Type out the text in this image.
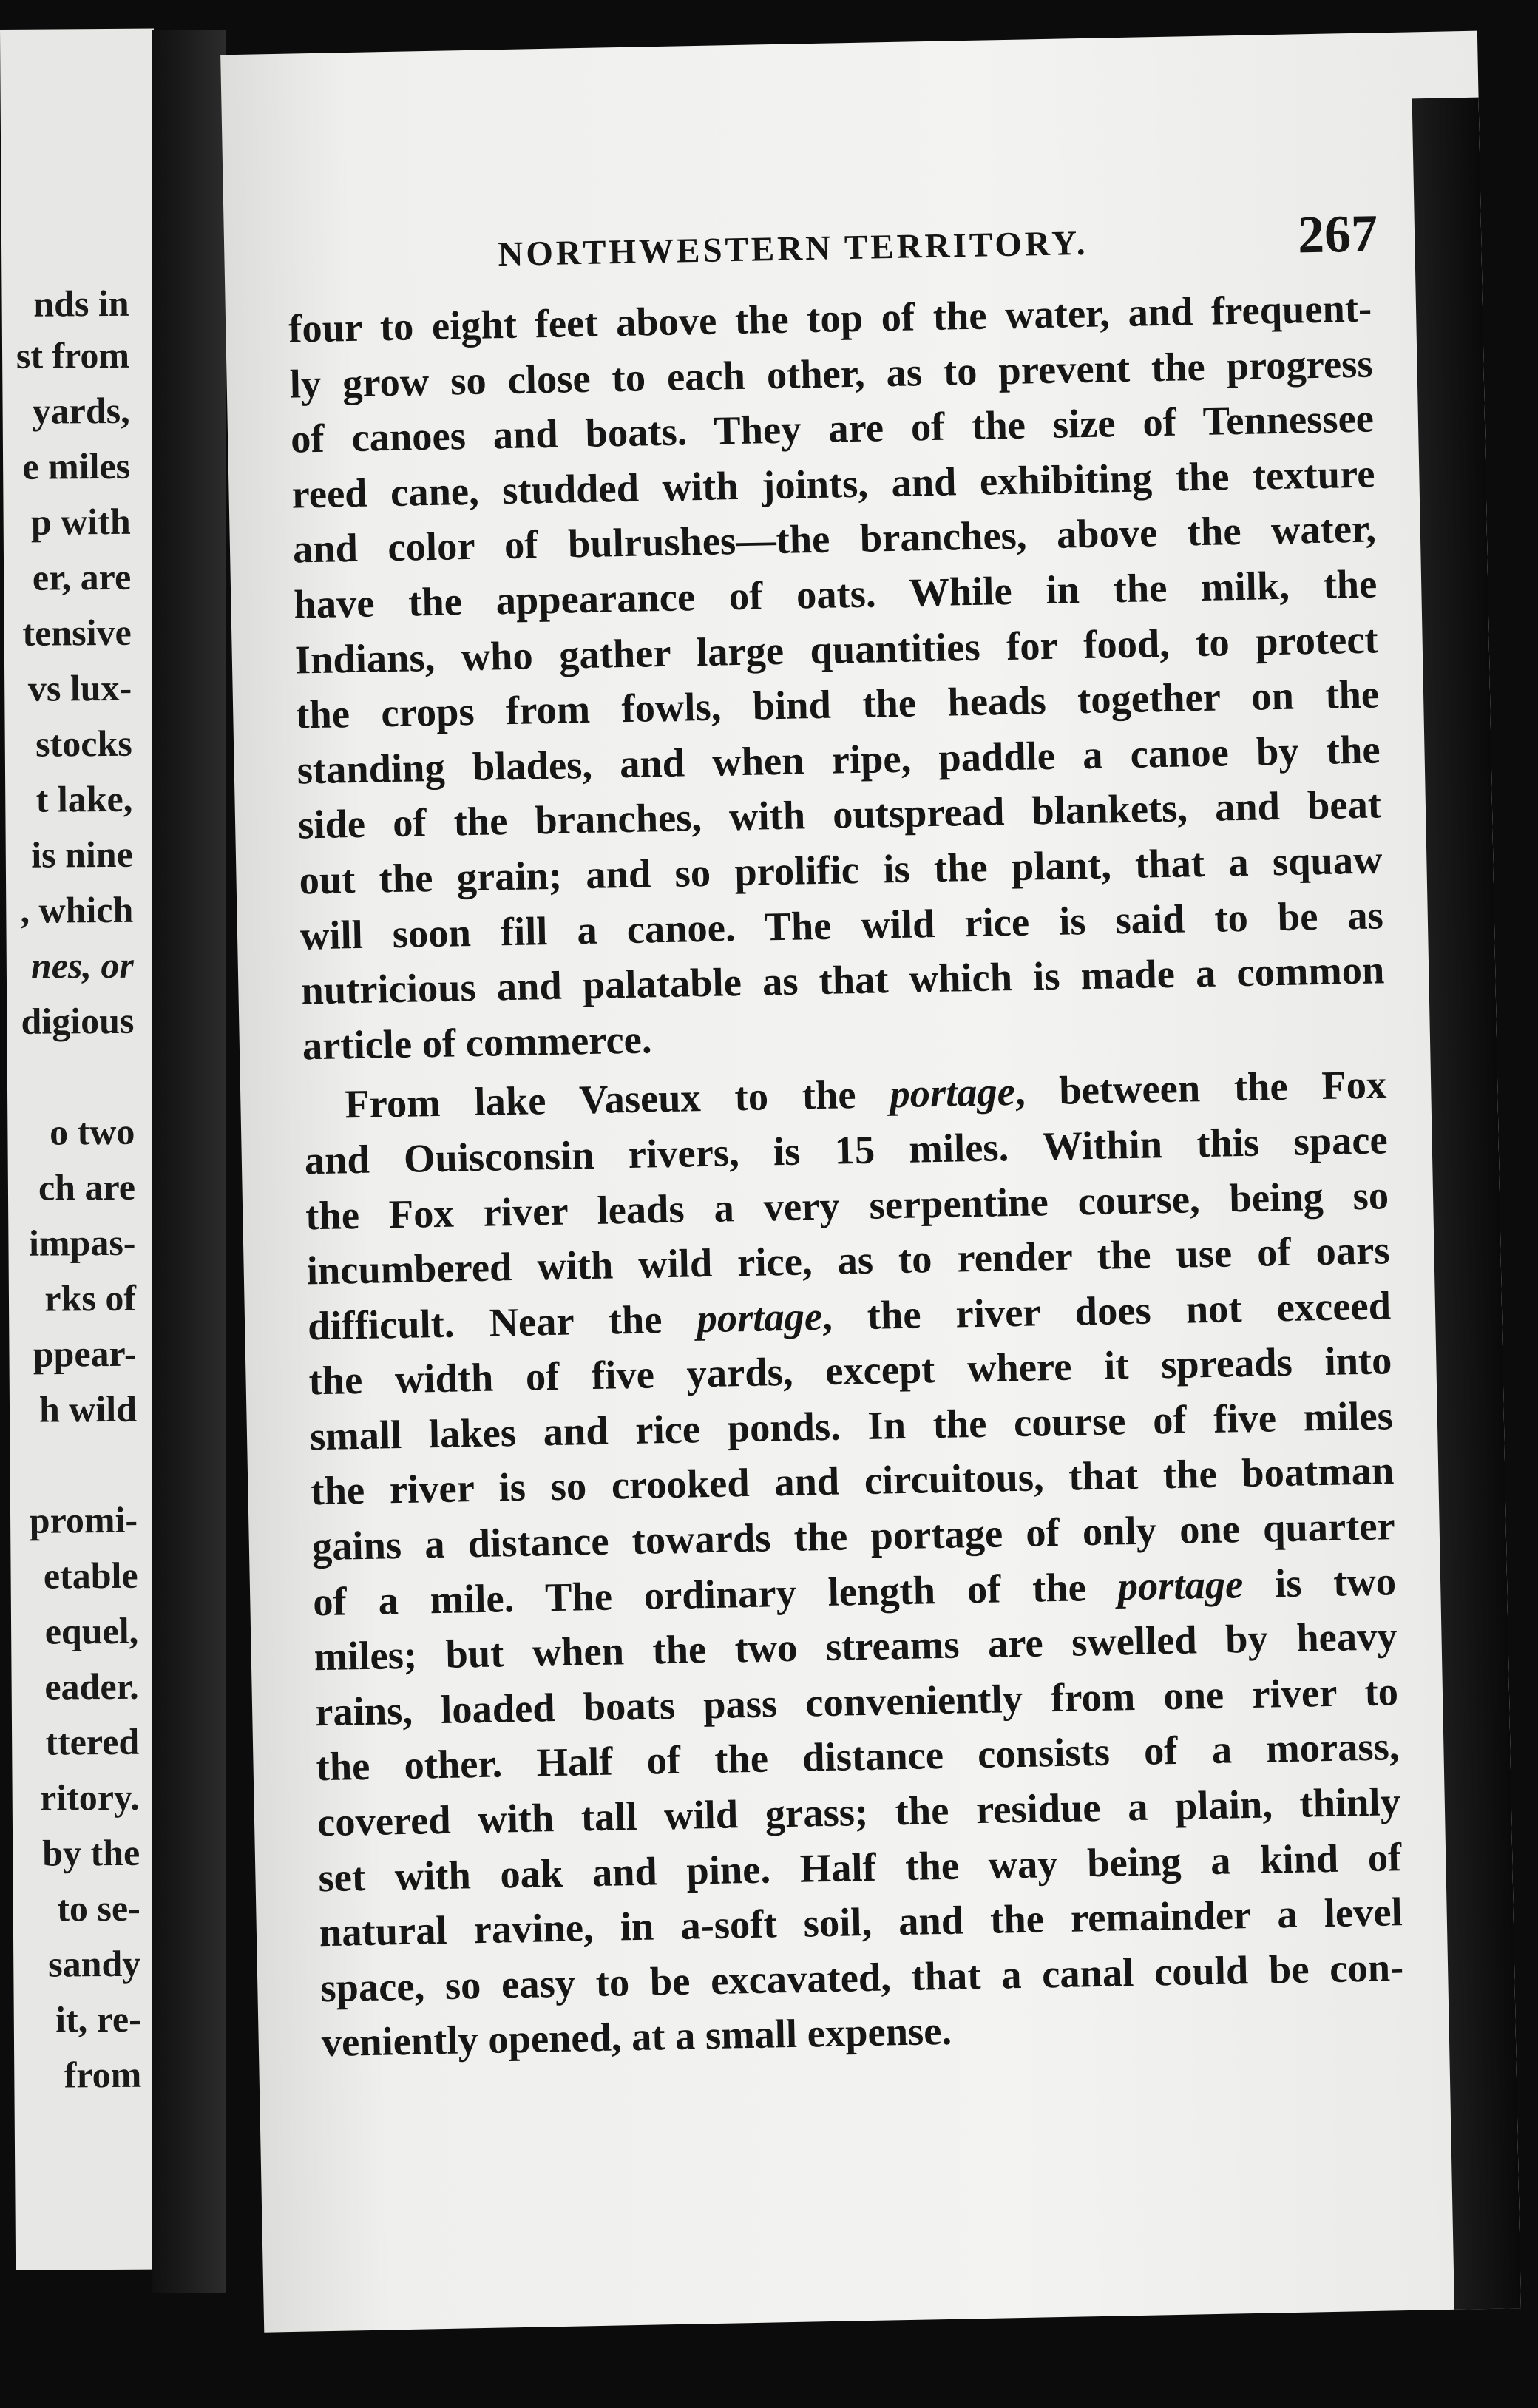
nds in
st from
yards,
e miles
p with
er, are
tensive
vs lux-
stocks
t lake,
is nine
, which
nes, or
digious
o two
ch are
impas-
rks of
ppear-
h wild
promi-
etable
equel,
eader.
ttered
ritory.
by the
to se-
sandy
it, re-
from
NORTHWESTERN TERRITORY.	267
four to eight feet above the top of the water, and frequent-
ly grow so close to each other, as to prevent the progress
of canoes and boats. They are of the size of Tennessee
reed cane, studded with joints, and exhibiting the texture
and color of bulrushes—the branches, above the water,
have the appearance of oats. While in the milk, the
Indians, who gather large quantities for food, to protect
the crops from fowls, bind the heads together on the
standing blades, and when ripe, paddle a canoe by the
side of the branches, with outspread blankets, and beat
out the grain; and so prolific is the plant, that a squaw
will soon fill a canoe. The wild rice is said to be as
nutricious and palatable as that which is made a common
article of commerce.
From lake Vaseux to the portage, between the Fox
and Ouisconsin rivers, is 15 miles. Within this space
the Fox river leads a very serpentine course, being so
incumbered with wild rice, as to render the use of oars
difficult. Near the portage, the river does not exceed
the width of five yards, except where it spreads into
small lakes and rice ponds. In the course of five miles
the river is so crooked and circuitous, that the boatman
gains a distance towards the portage of only one quarter
of a mile. The ordinary length of the portage is two
miles; but when the two streams are swelled by heavy
rains, loaded boats pass conveniently from one river to
the other. Half of the distance consists of a morass,
covered with tall wild grass; the residue a plain, thinly
set with oak and pine. Half the way being a kind of
natural ravine, in a-soft soil, and the remainder a level
space, so easy to be excavated, that a canal could be con-
veniently opened, at a small expense.
